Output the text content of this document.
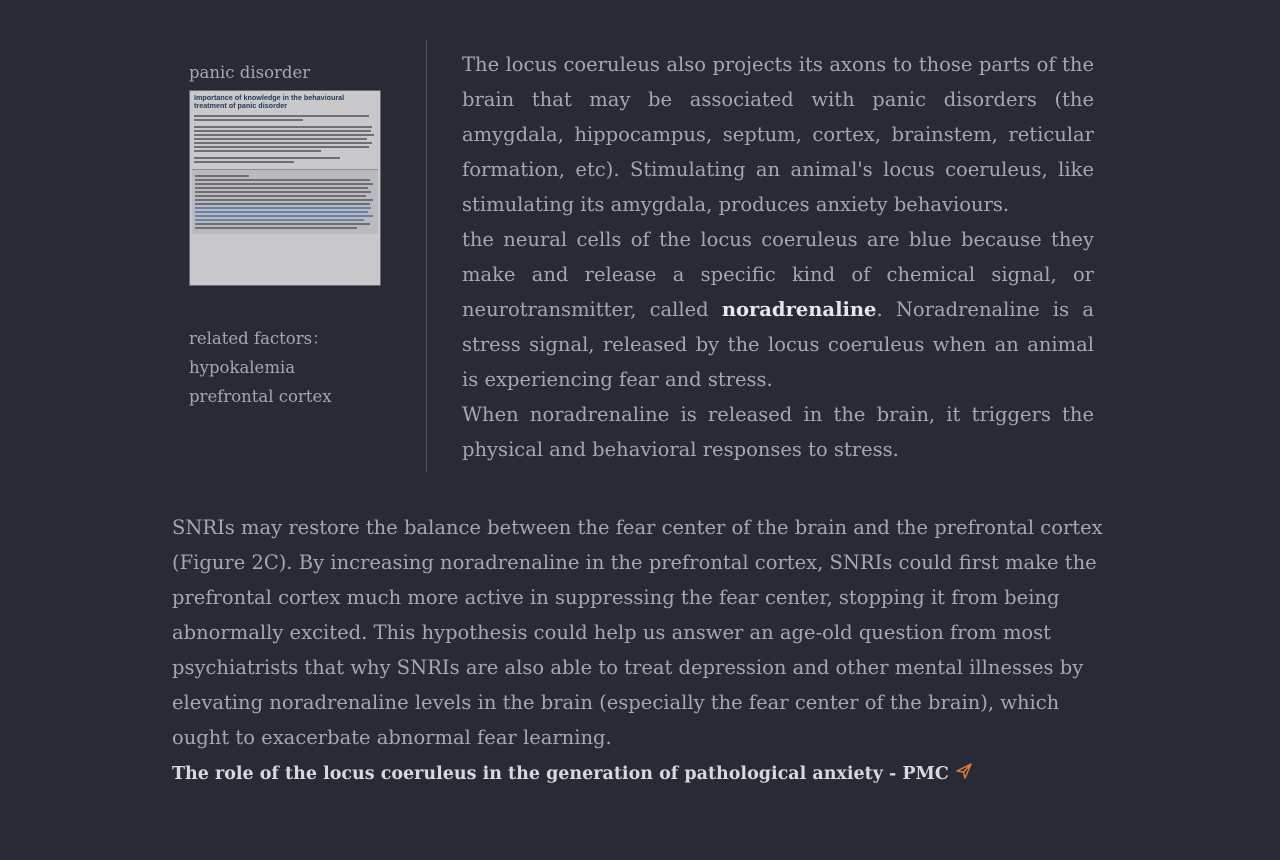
panic disorder
Importance of knowledge in the behavioural treatment of panic disorder
related factors：
hypokalemia
prefrontal cortex

The locus coeruleus also projects its axons to those parts of the brain that may be associated with panic disorders (the amygdala, hippocampus, septum, cortex, brainstem, reticular formation, etc). Stimulating an animal's locus coeruleus, like stimulating its amygdala, produces anxiety behaviours.

the neural cells of the locus coeruleus are blue because they make and release a specific kind of chemical signal, or neurotransmitter, called noradrenaline. Noradrenaline is a stress signal, released by the locus coeruleus when an animal is experiencing fear and stress.

When noradrenaline is released in the brain, it triggers the physical and behavioral responses to stress.

SNRIs may restore the balance between the fear center of the brain and the prefrontal cortex (Figure 2C). By increasing noradrenaline in the prefrontal cortex, SNRIs could first make the prefrontal cortex much more active in suppressing the fear center, stopping it from being abnormally excited. This hypothesis could help us answer an age-old question from most psychiatrists that why SNRIs are also able to treat depression and other mental illnesses by elevating noradrenaline levels in the brain (especially the fear center of the brain), which ought to exacerbate abnormal fear learning.

The role of the locus coeruleus in the generation of pathological anxiety - PMC
